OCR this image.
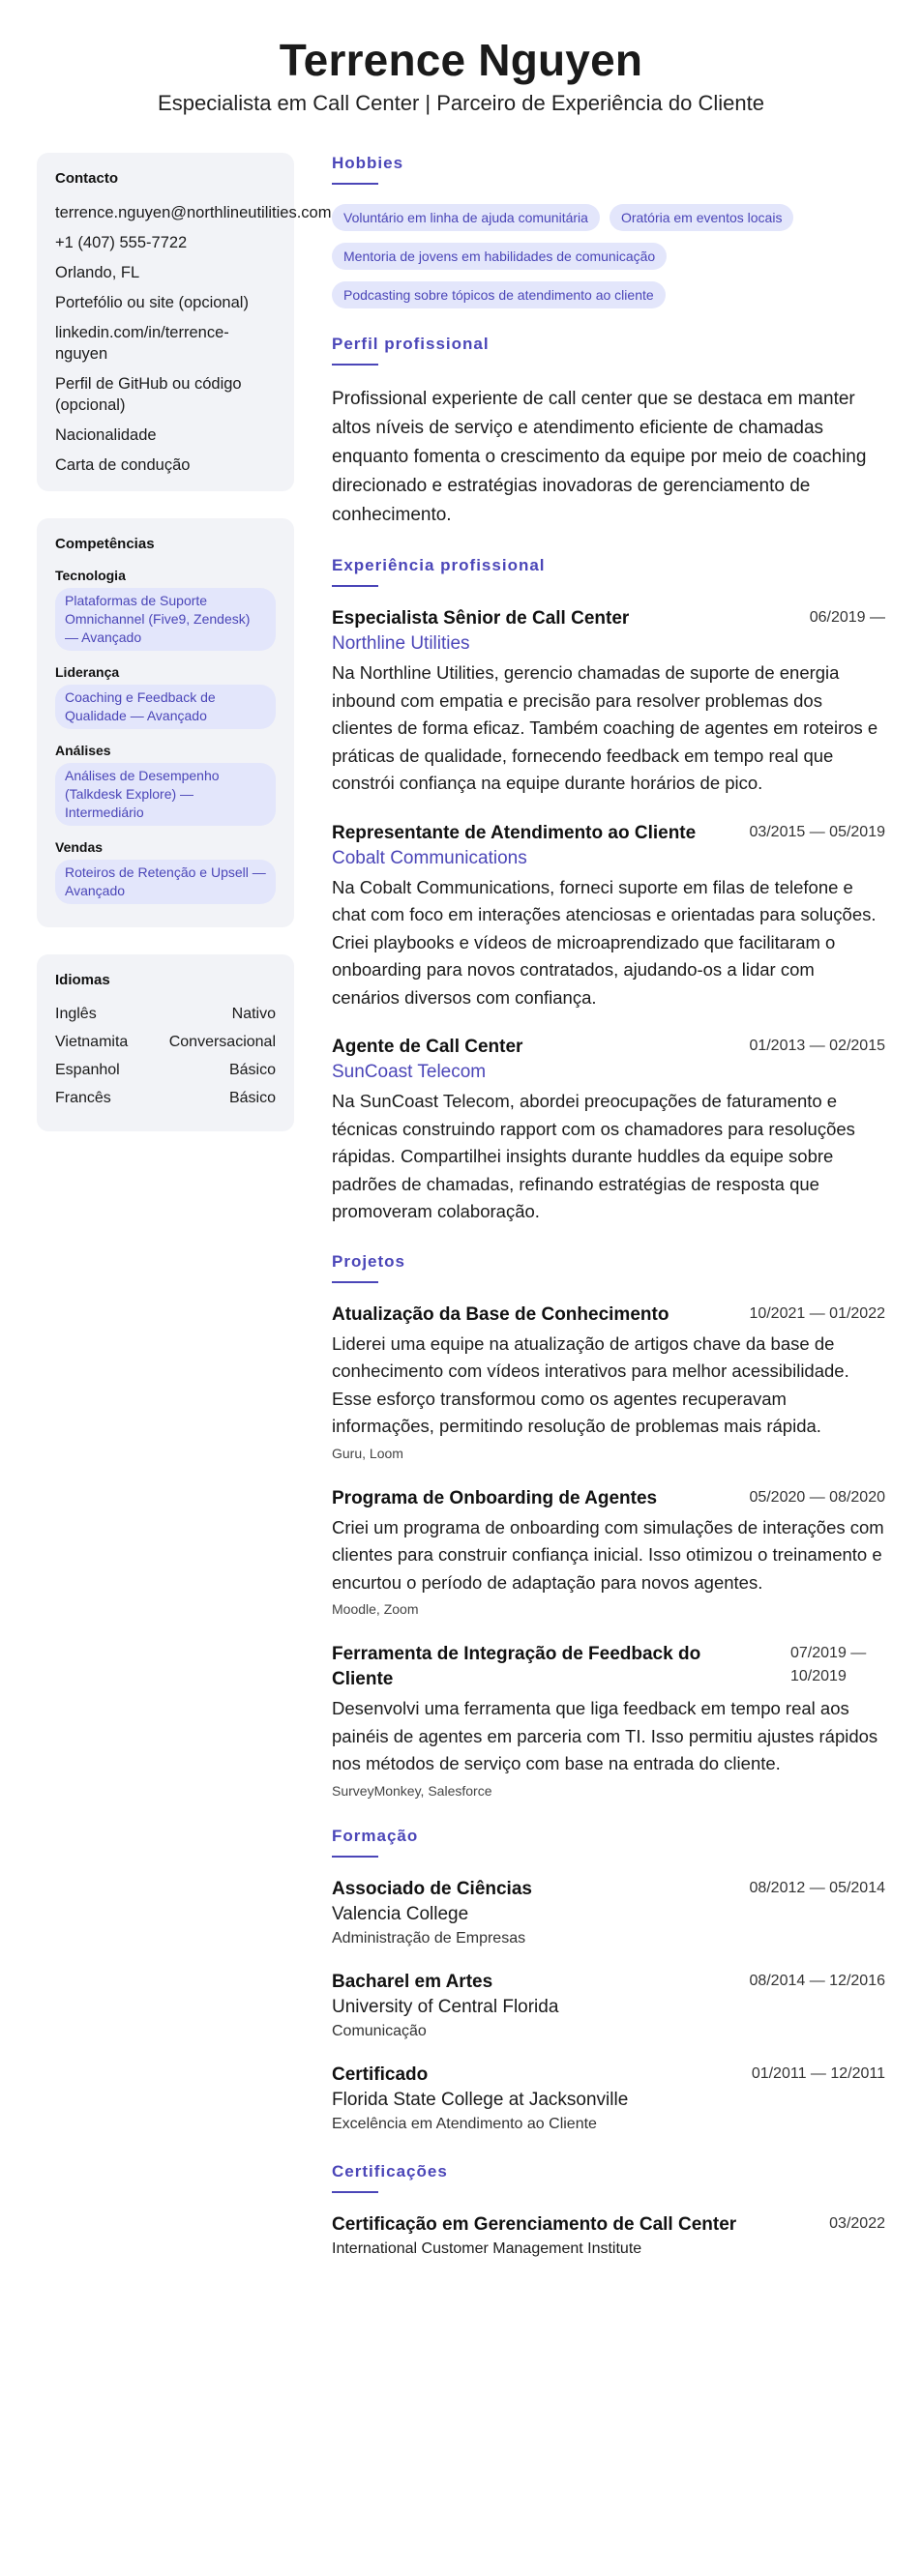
Terrence Nguyen
Especialista em Call Center | Parceiro de Experiência do Cliente
Contacto
terrence.nguyen@northlineutilities.com
+1 (407) 555-7722
Orlando, FL
Portefólio ou site (opcional)
linkedin.com/in/terrence-nguyen
Perfil de GitHub ou código (opcional)
Nacionalidade
Carta de condução
Competências
Tecnologia
Plataformas de Suporte Omnichannel (Five9, Zendesk) — Avançado
Liderança
Coaching e Feedback de Qualidade — Avançado
Análises
Análises de Desempenho (Talkdesk Explore) — Intermediário
Vendas
Roteiros de Retenção e Upsell — Avançado
Idiomas
Inglês	Nativo
Vietnamita	Conversacional
Espanhol	Básico
Francês	Básico
Hobbies
Voluntário em linha de ajuda comunitária	Oratória em eventos locais
Mentoria de jovens em habilidades de comunicação
Podcasting sobre tópicos de atendimento ao cliente
Perfil profissional

Profissional experiente de call center que se destaca em manter altos níveis de serviço e atendimento eficiente de chamadas enquanto fomenta o crescimento da equipe por meio de coaching direcionado e estratégias inovadoras de gerenciamento de conhecimento.

Experiência profissional
Especialista Sênior de Call Center	06/2019 —
Northline Utilities
Na Northline Utilities, gerencio chamadas de suporte de energia inbound com empatia e precisão para resolver problemas dos clientes de forma eficaz. Também coaching de agentes em roteiros e práticas de qualidade, fornecendo feedback em tempo real que constrói confiança na equipe durante horários de pico.
Representante de Atendimento ao Cliente	03/2015 — 05/2019
Cobalt Communications
Na Cobalt Communications, forneci suporte em filas de telefone e chat com foco em interações atenciosas e orientadas para soluções. Criei playbooks e vídeos de microaprendizado que facilitaram o onboarding para novos contratados, ajudando-os a lidar com cenários diversos com confiança.
Agente de Call Center	01/2013 — 02/2015
SunCoast Telecom
Na SunCoast Telecom, abordei preocupações de faturamento e técnicas construindo rapport com os chamadores para resoluções rápidas. Compartilhei insights durante huddles da equipe sobre padrões de chamadas, refinando estratégias de resposta que promoveram colaboração.
Projetos
Atualização da Base de Conhecimento	10/2021 — 01/2022
Liderei uma equipe na atualização de artigos chave da base de conhecimento com vídeos interativos para melhor acessibilidade. Esse esforço transformou como os agentes recuperavam informações, permitindo resolução de problemas mais rápida.
Guru, Loom
Programa de Onboarding de Agentes	05/2020 — 08/2020
Criei um programa de onboarding com simulações de interações com clientes para construir confiança inicial. Isso otimizou o treinamento e encurtou o período de adaptação para novos agentes.
Moodle, Zoom
Ferramenta de Integração de Feedback do Cliente
07/2019 — 10/2019
Desenvolvi uma ferramenta que liga feedback em tempo real aos painéis de agentes em parceria com TI. Isso permitiu ajustes rápidos nos métodos de serviço com base na entrada do cliente.
SurveyMonkey, Salesforce
Formação
Associado de Ciências	08/2012 — 05/2014
Valencia College
Administração de Empresas
Bacharel em Artes	08/2014 — 12/2016
University of Central Florida
Comunicação
Certificado	01/2011 — 12/2011
Florida State College at Jacksonville
Excelência em Atendimento ao Cliente
Certificações
Certificação em Gerenciamento de Call Center	03/2022
International Customer Management Institute
